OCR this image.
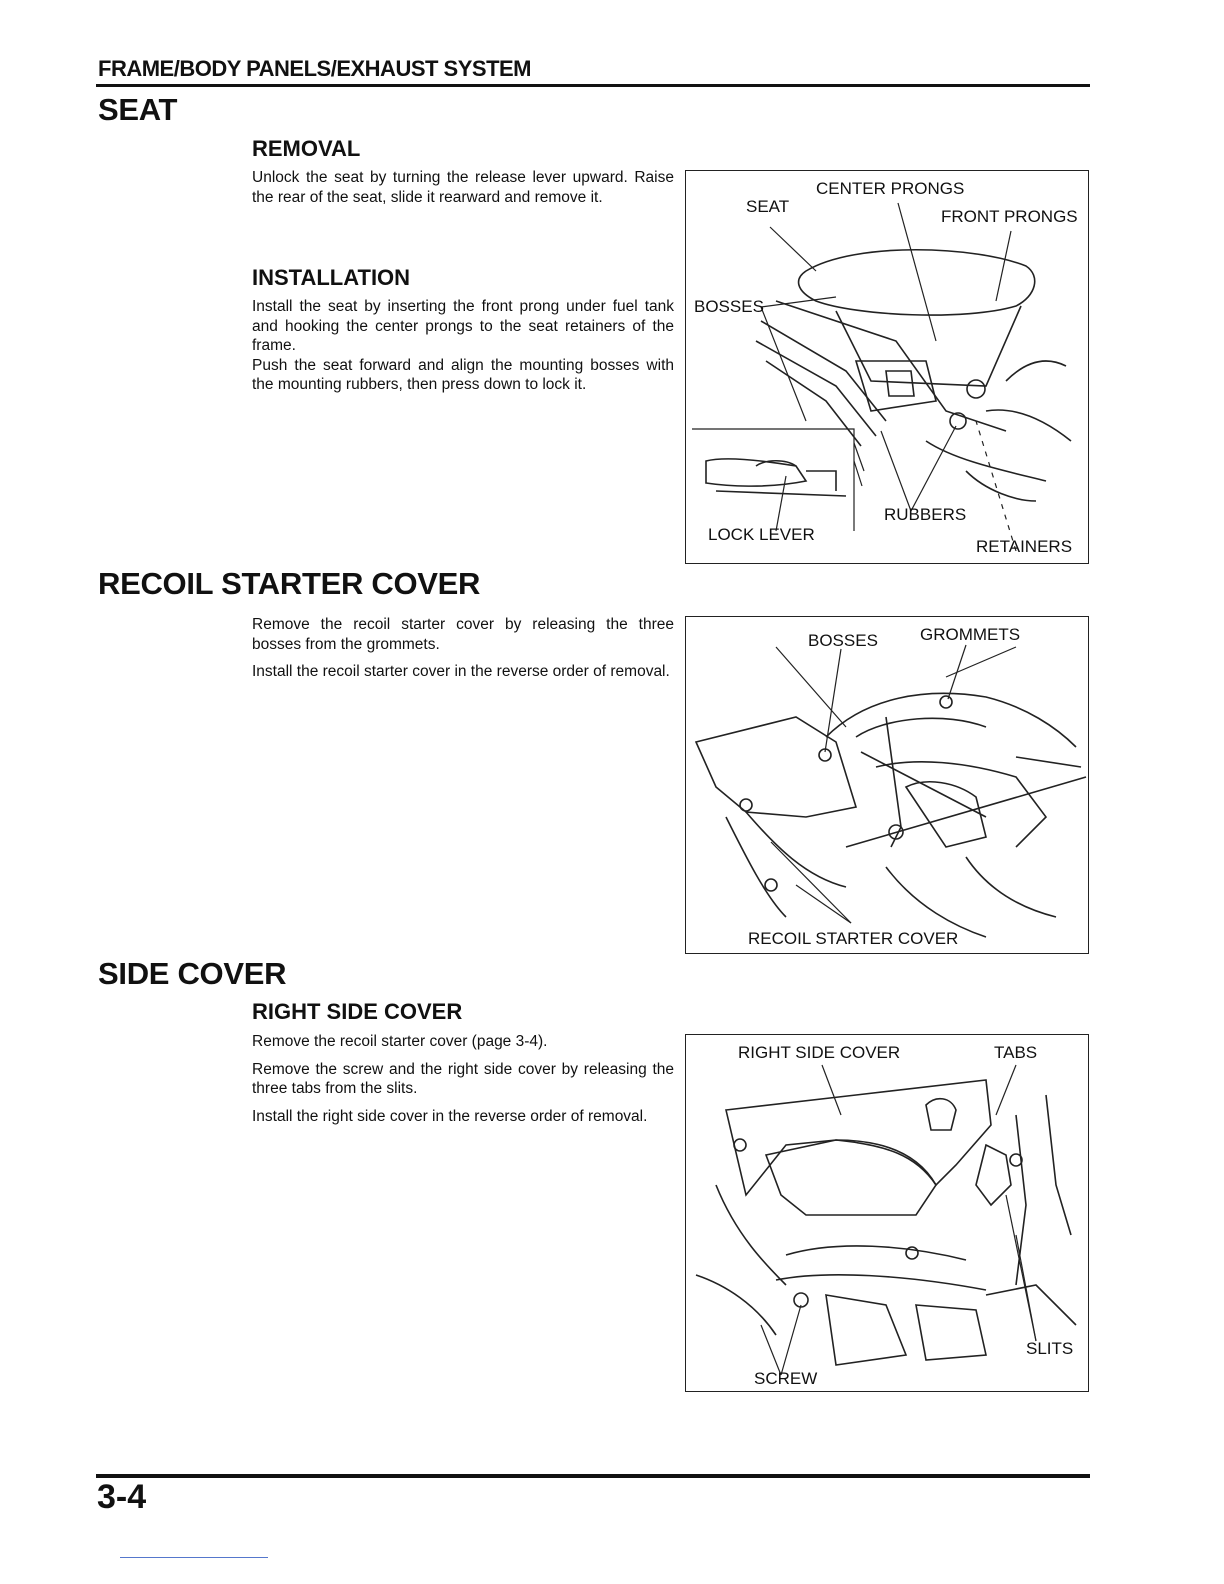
FRAME/BODY PANELS/EXHAUST SYSTEM
SEAT
REMOVAL

Unlock the seat by turning the release lever upward. Raise the rear of the seat, slide it rearward and remove it.

INSTALLATION

Install the seat by inserting the front prong under fuel tank and hooking the center prongs to the seat retainers of the frame.

Push the seat forward and align the mounting bosses with the mounting rubbers, then press down to lock it.

CENTER PRONGS
SEAT
FRONT PRONGS
BOSSES
RUBBERS
LOCK LEVER
RETAINERS
RECOIL STARTER COVER

Remove the recoil starter cover by releasing the three bosses from the grommets.

Install the recoil starter cover in the reverse order of removal.

BOSSES GROMMETS
RECOIL STARTER COVER
SIDE COVER
RIGHT SIDE COVER

Remove the recoil starter cover (page 3-4).

Remove the screw and the right side cover by releasing the three tabs from the slits.

Install the right side cover in the reverse order of removal.

RIGHT SIDE COVER	TABS
SLITS
SCREW
3-4
